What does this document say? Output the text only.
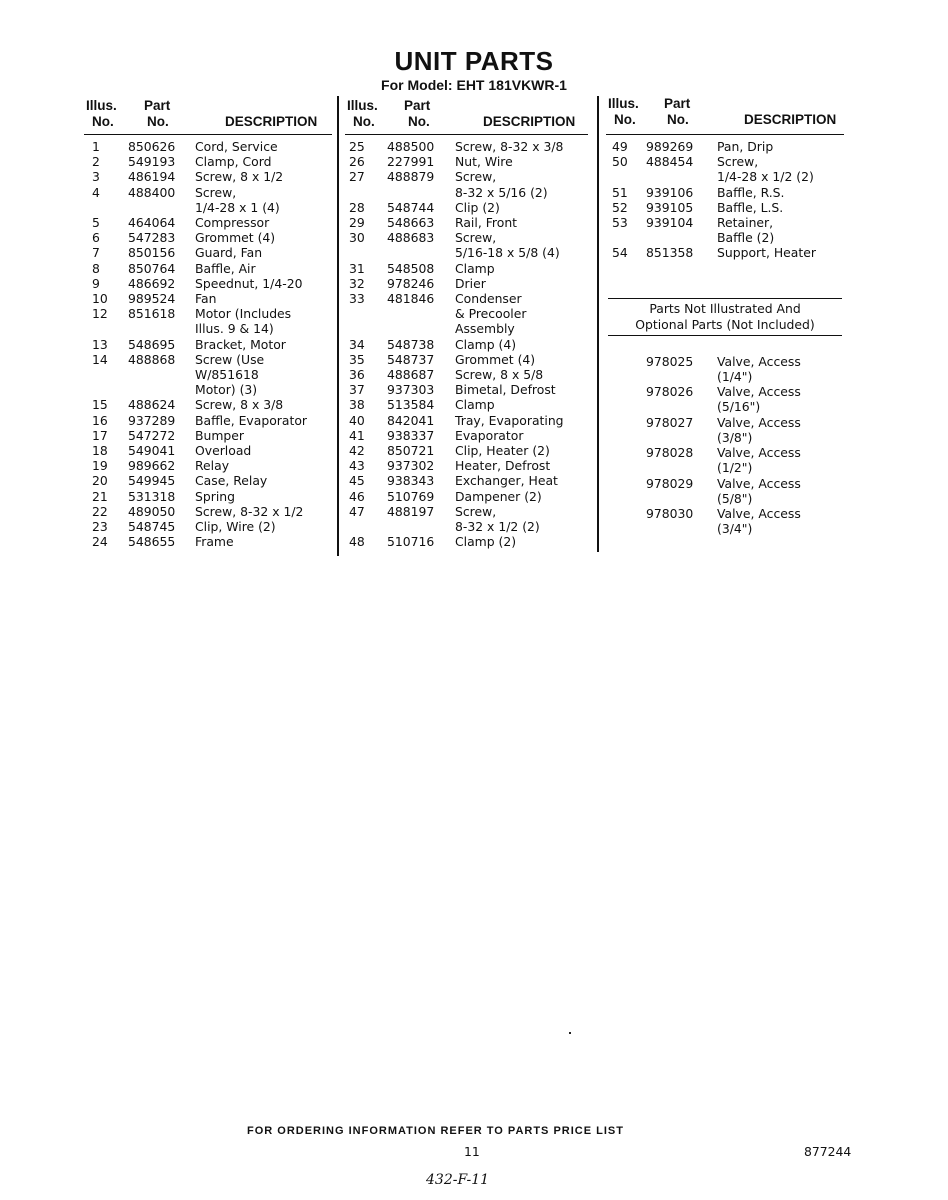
UNIT PARTS
For Model: EHT 181VKWR-1
Illus.
No.
Part
No.	DESCRIPTION
1 850626 Cord, Service
2 549193 Clamp, Cord
3 486194 Screw, 8 x 1/2
4 488400 Screw,
1/4-28 x 1 (4)
5 464064 Compressor
6 547283 Grommet (4)
7 850156 Guard, Fan
8 850764 Baffle, Air
9 486692 Speednut, 1/4-20
10 989524 Fan
12 851618 Motor (Includes
Illus. 9 & 14)
13 548695 Bracket, Motor
14 488868 Screw (Use
W/851618
Motor) (3)
15 488624 Screw, 8 x 3/8
16 937289 Baffle, Evaporator
17 547272 Bumper
18 549041 Overload
19 989662 Relay
20 549945 Case, Relay
21 531318 Spring
22 489050 Screw, 8-32 x 1/2
23 548745 Clip, Wire (2)
24 548655 Frame
Illus.
No.
Part
No.	DESCRIPTION
25 488500 Screw, 8-32 x 3/8
26 227991 Nut, Wire
27 488879 Screw,
8-32 x 5/16 (2)
28 548744 Clip (2)
29 548663 Rail, Front
30 488683 Screw,
5/16-18 x 5/8 (4)
31 548508 Clamp
32 978246 Drier
33 481846 Condenser
& Precooler
Assembly
34 548738 Clamp (4)
35 548737 Grommet (4)
36 488687 Screw, 8 x 5/8
37 937303 Bimetal, Defrost
38 513584 Clamp
40 842041 Tray, Evaporating
41 938337 Evaporator
42 850721 Clip, Heater (2)
43 937302 Heater, Defrost
45 938343 Exchanger, Heat
46 510769 Dampener (2)
47 488197 Screw,
8-32 x 1/2 (2)
48 510716 Clamp (2)
Illus.
No.
Part
No.	DESCRIPTION
49 989269 Pan, Drip
50 488454 Screw,
1/4-28 x 1/2 (2)
51 939106 Baffle, R.S.
52 939105 Baffle, L.S.
53 939104 Retainer,
Baffle (2)
54 851358 Support, Heater
Parts Not Illustrated And
Optional Parts (Not Included)
978025 Valve, Access
(1/4")
978026 Valve, Access
(5/16")
978027 Valve, Access
(3/8")
978028 Valve, Access
(1/2")
978029 Valve, Access
(5/8")
978030 Valve, Access
(3/4")
FOR ORDERING INFORMATION REFER TO PARTS PRICE LIST
11	877244
432-F-11
